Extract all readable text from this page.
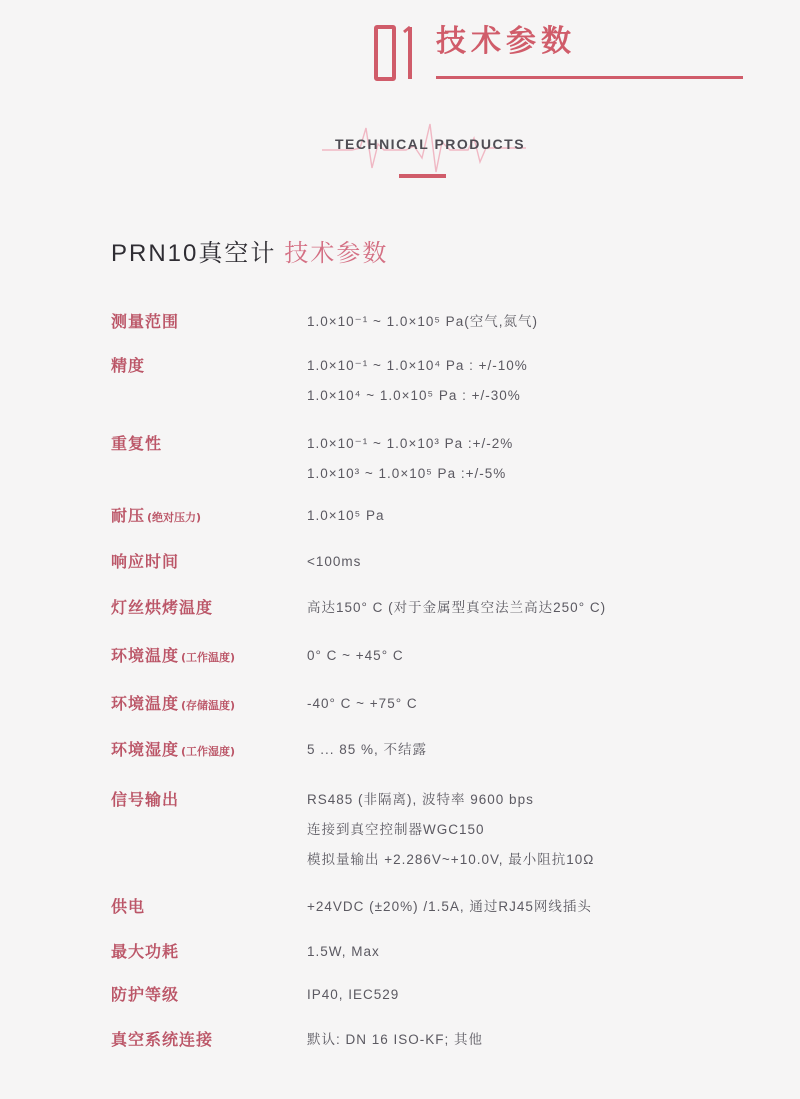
技术参数
TECHNICAL PRODUCTS
PRN10真空计 技术参数
测量范围	1.0×10⁻¹ ~ 1.0×10⁵ Pa(空气,氮气)
精度	1.0×10⁻¹ ~ 1.0×10⁴ Pa : +/-10%
1.0×10⁴ ~ 1.0×10⁵ Pa : +/-30%
重复性	1.0×10⁻¹ ~ 1.0×10³ Pa :+/-2%
1.0×10³ ~ 1.0×10⁵ Pa :+/-5%
耐压 (绝对压力)	1.0×10⁵ Pa
响应时间	<100ms
灯丝烘烤温度	高达150° C (对于金属型真空法兰高达250° C)
环境温度 (工作温度)	0° C ~ +45° C
环境温度 (存储温度)	-40° C ~ +75° C
环境湿度 (工作湿度)	5 ... 85 %, 不结露
信号输出	RS485 (非隔离), 波特率 9600 bps
连接到真空控制器WGC150
模拟量输出 +2.286V~+10.0V, 最小阻抗10Ω
供电	+24VDC (±20%) /1.5A, 通过RJ45网线插头
最大功耗	1.5W, Max
防护等级	IP40, IEC529
真空系统连接	默认: DN 16 ISO-KF; 其他
